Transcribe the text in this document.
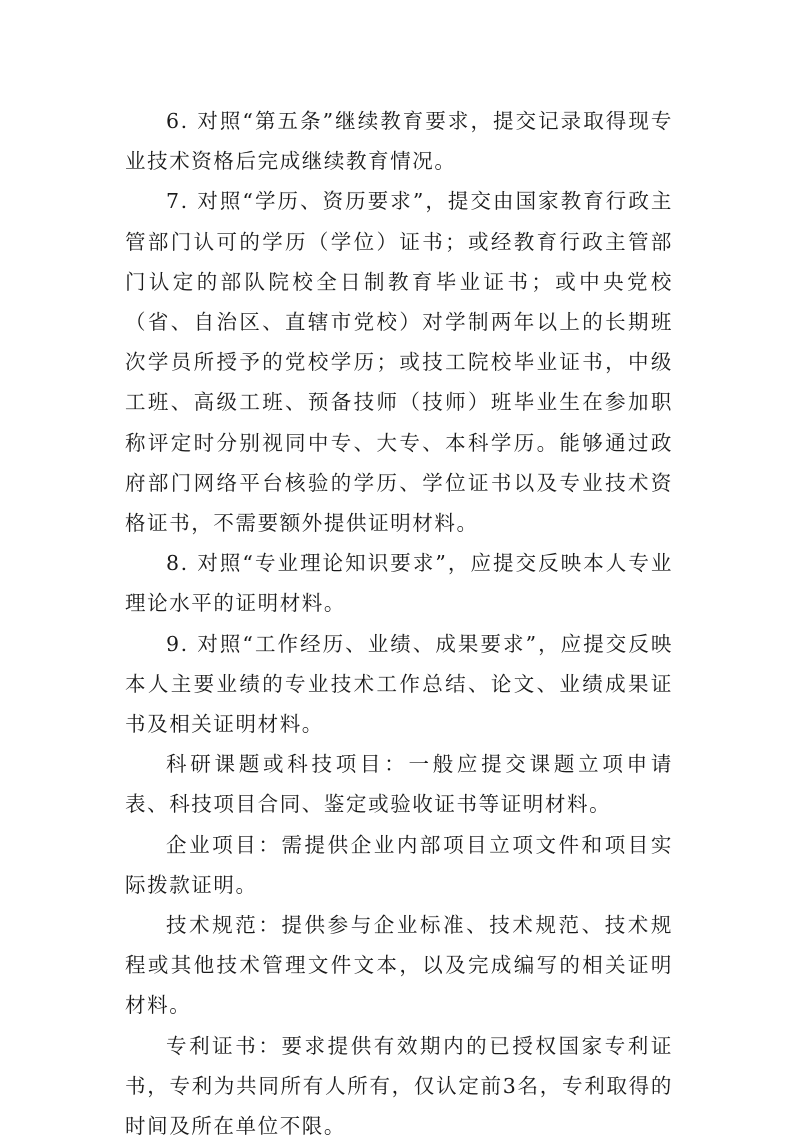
6. 对照“第五条”继续教育要求，提交记录取得现专业技术资格后完成继续教育情况。

7. 对照“学历、资历要求”，提交由国家教育行政主管部门认可的学历（学位）证书；或经教育行政主管部门认定的部队院校全日制教育毕业证书；或中央党校（省、自治区、直辖市党校）对学制两年以上的长期班次学员所授予的党校学历；或技工院校毕业证书，中级工班、高级工班、预备技师（技师）班毕业生在参加职称评定时分别视同中专、大专、本科学历。能够通过政府部门网络平台核验的学历、学位证书以及专业技术资格证书，不需要额外提供证明材料。

8. 对照“专业理论知识要求”，应提交反映本人专业理论水平的证明材料。

9. 对照“工作经历、业绩、成果要求”，应提交反映本人主要业绩的专业技术工作总结、论文、业绩成果证书及相关证明材料。

科研课题或科技项目：一般应提交课题立项申请表、科技项目合同、鉴定或验收证书等证明材料。

企业项目：需提供企业内部项目立项文件和项目实际拨款证明。

技术规范：提供参与企业标准、技术规范、技术规程或其他技术管理文件文本，以及完成编写的相关证明材料。

专利证书：要求提供有效期内的已授权国家专利证书，专利为共同所有人所有，仅认定前3名，专利取得的时间及所在单位不限。
